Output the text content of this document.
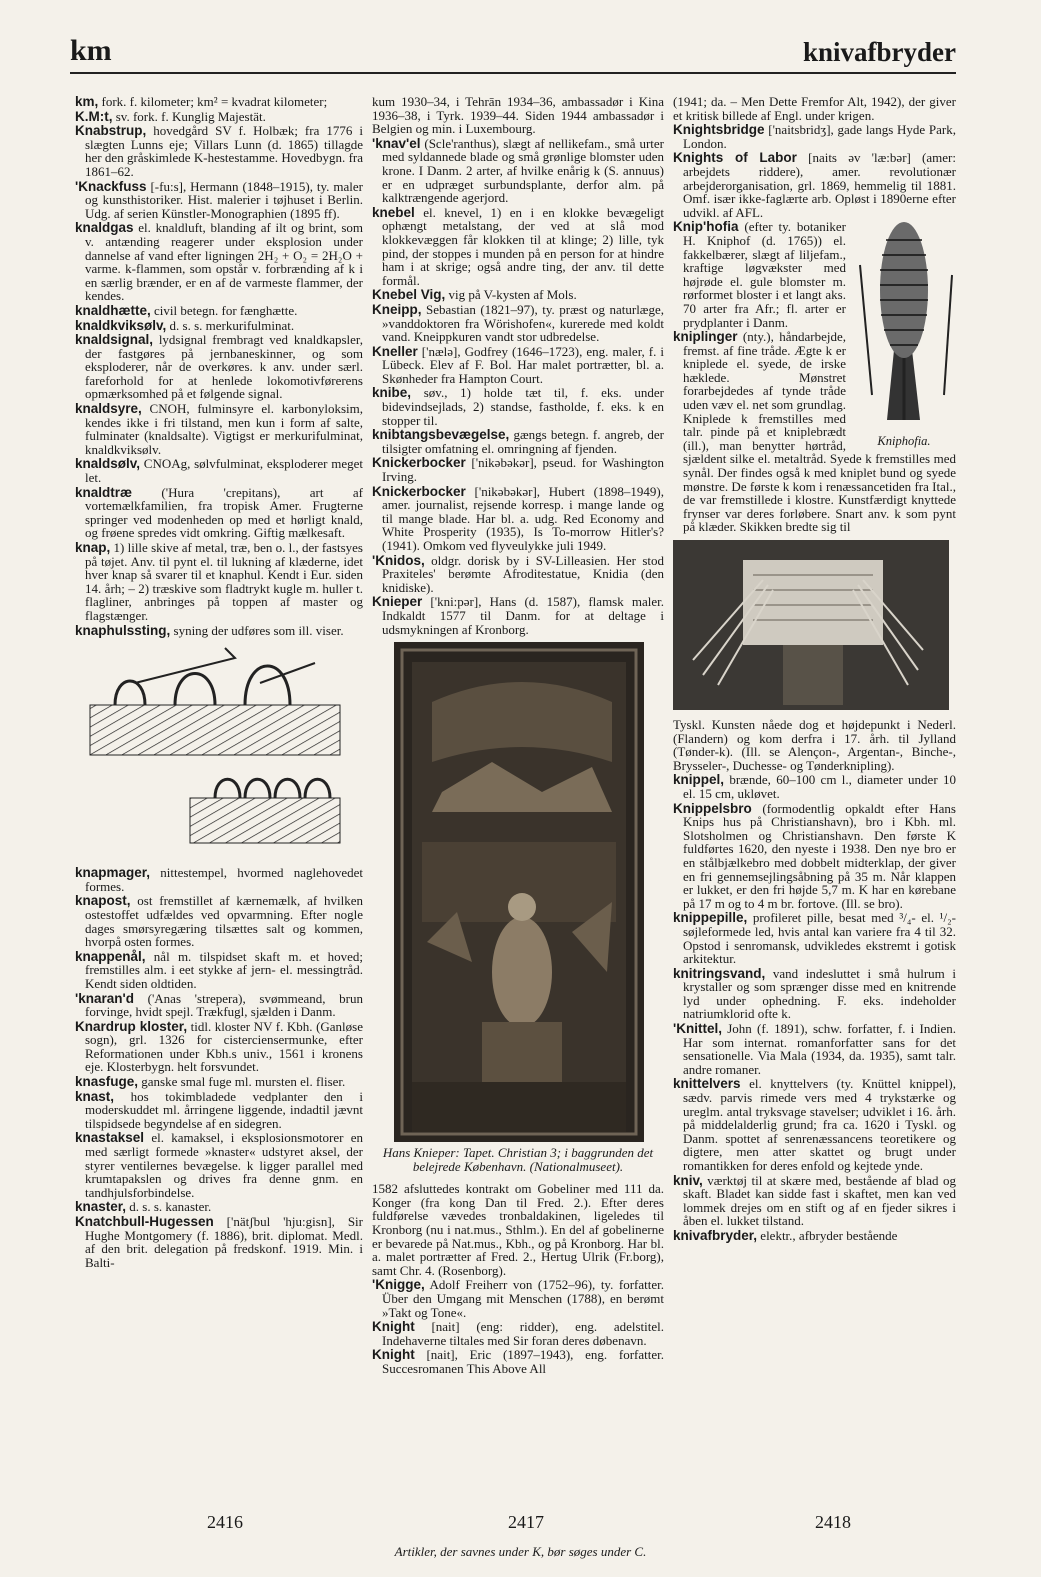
km	knivafbryder

km, fork. f. kilometer; km² = kvadrat kilometer;

K.M:t, sv. fork. f. Kunglig Majestät.

Knabstrup, hovedgård SV f. Holbæk; fra 1776 i slægten Lunns eje; Villars Lunn (d. 1865) tillagde her den gråskimlede K-hestestamme. Hovedbygn. fra 1861–62.

'Knackfuss [-fu:s], Hermann (1848–1915), ty. maler og kunsthistoriker. Hist. malerier i tøjhuset i Berlin. Udg. af serien Künstler-Monographien (1895 ff).

knaldgas el. knaldluft, blanding af ilt og brint, som v. antænding reagerer under eksplosion under dannelse af vand efter ligningen 2H₂ + O₂ = 2H₂O + varme. k-flammen, som opstår v. forbrænding af k i en særlig brænder, er en af de varmeste flammer, der kendes.

knaldhætte, civil betegn. for fænghætte.

knaldkviksølv, d. s. s. merkurifulminat.

knaldsignal, lydsignal frembragt ved knaldkapsler, der fastgøres på jernbaneskinner, og som eksploderer, når de overkøres. k anv. under særl. fareforhold for at henlede lokomotivførerens opmærksomhed på et følgende signal.

knaldsyre, CNOH, fulminsyre el. karbonyloksim, kendes ikke i fri tilstand, men kun i form af salte, fulminater (knaldsalte). Vigtigst er merkurifulminat, knaldkviksølv.

knaldsølv, CNOAg, sølvfulminat, eksploderer meget let.

knaldtræ ('Hura 'crepitans), art af vortemælkfamilien, fra tropisk Amer. Frugterne springer ved modenheden op med et hørligt knald, og frøene spredes vidt omkring. Giftig mælkesaft.

knap, 1) lille skive af metal, træ, ben o. l., der fastsyes på tøjet. Anv. til pynt el. til lukning af klæderne, idet hver knap så svarer til et knaphul. Kendt i Eur. siden 14. årh; – 2) træskive som fladtrykt kugle m. huller t. flagliner, anbringes på toppen af master og flagstænger.

knaphulssting, syning der udføres som ill. viser.

knapmager, nittestempel, hvormed naglehovedet formes.

knapost, ost fremstillet af kærnemælk, af hvilken ostestoffet udfældes ved opvarmning. Efter nogle dages smørsyregæring tilsættes salt og kommen, hvorpå osten formes.

knappenål, nål m. tilspidset skaft m. et hoved; fremstilles alm. i eet stykke af jern- el. messingtråd. Kendt siden oldtiden.

'knaran'd ('Anas 'strepera), svømmeand, brun forvinge, hvidt spejl. Trækfugl, sjælden i Danm.

Knardrup kloster, tidl. kloster NV f. Kbh. (Ganløse sogn), grl. 1326 for cisterciensermunke, efter Reformationen under Kbh.s univ., 1561 i kronens eje. Klosterbygn. helt forsvundet.

knasfuge, ganske smal fuge ml. mursten el. fliser.

knast, hos tokimbladede vedplanter den i moderskuddet ml. årringene liggende, indadtil jævnt tilspidsede begyndelse af en sidegren.

knastaksel el. kamaksel, i eksplosionsmotorer en med særligt formede »knaster« udstyret aksel, der styrer ventilernes bevægelse. k ligger parallel med krumtapakslen og drives fra denne gnm. en tandhjulsforbindelse.

knaster, d. s. s. kanaster.

Knatchbull-Hugessen ['nätʃbul 'hju:gisn], Sir Hughe Montgomery (f. 1886), brit. diplomat. Medl. af den brit. delegation på fredskonf. 1919. Min. i Balti-

kum 1930–34, i Tehrān 1934–36, ambassadør i Kina 1936–38, i Tyrk. 1939–44. Siden 1944 ambassadør i Belgien og min. i Luxembourg.

'knav'el (Scle'ranthus), slægt af nellikefam., små urter med syldannede blade og små grønlige blomster uden krone. I Danm. 2 arter, af hvilke enårig k (S. annuus) er en udpræget surbundsplante, derfor alm. på kalktrængende agerjord.

knebel el. knevel, 1) en i en klokke bevægeligt ophængt metalstang, der ved at slå mod klokkevæggen får klokken til at klinge; 2) lille, tyk pind, der stoppes i munden på en person for at hindre ham i at skrige; også andre ting, der anv. til dette formål.

Knebel Vig, vig på V-kysten af Mols.

Kneipp, Sebastian (1821–97), ty. præst og naturlæge, »vanddoktoren fra Wörishofen«, kurerede med koldt vand. Kneippkuren vandt stor udbredelse.

Kneller ['nælə], Godfrey (1646–1723), eng. maler, f. i Lübeck. Elev af F. Bol. Har malet portrætter, bl. a. Skønheder fra Hampton Court.

knibe, søv., 1) holde tæt til, f. eks. under bidevindsejlads, 2) standse, fastholde, f. eks. k en stopper til.

knibtangsbevægelse, gængs betegn. f. angreb, der tilsigter omfatning el. omringning af fjenden.

Knickerbocker ['nikəbəkər], pseud. for Washington Irving.

Knickerbocker ['nikəbəkər], Hubert (1898–1949), amer. journalist, rejsende korresp. i mange lande og til mange blade. Har bl. a. udg. Red Economy and White Prosperity (1935), Is To-morrow Hitler's? (1941). Omkom ved flyveulykke juli 1949.

'Knidos, oldgr. dorisk by i SV-Lilleasien. Her stod Praxiteles' berømte Afroditestatue, Knidia (den knidiske).

Knieper ['kni:pər], Hans (d. 1587), flamsk maler. Indkaldt 1577 til Danm. for at deltage i udsmykningen af Kronborg.

Hans Knieper: Tapet. Christian 3; i baggrunden det belejrede København. (Nationalmuseet).

1582 afsluttedes kontrakt om Gobeliner med 111 da. Konger (fra kong Dan til Fred. 2.). Efter deres fuldførelse vævedes tronbaldakinen, ligeledes til Kronborg (nu i nat.mus., Sthlm.). En del af gobelinerne er bevarede på Nat.mus., Kbh., og på Kronborg. Har bl. a. malet portrætter af Fred. 2., Hertug Ulrik (Fr.borg), samt Chr. 4. (Rosenborg).

'Knigge, Adolf Freiherr von (1752–96), ty. forfatter. Über den Umgang mit Menschen (1788), en berømt »Takt og Tone«.

Knight [nait] (eng: ridder), eng. adelstitel. Indehaverne tiltales med Sir foran deres døbenavn.

Knight [nait], Eric (1897–1943), eng. forfatter. Succesromanen This Above All

(1941; da. – Men Dette Fremfor Alt, 1942), der giver et kritisk billede af Engl. under krigen.

Knightsbridge ['naitsbridʒ], gade langs Hyde Park, London.

Knights of Labor [naits əv 'læ:bər] (amer: arbejdets riddere), amer. revolutionær arbejderorganisation, grl. 1869, hemmelig til 1881. Omf. især ikke-faglærte arb. Opløst i 1890erne efter udvikl. af AFL.

Kniphofia.

Knip'hofia (efter ty. botaniker H. Kniphof (d. 1765)) el. fakkelbærer, slægt af liljefam., kraftige løgvækster med højrøde el. gule blomster m. rørformet bloster i et langt aks. 70 arter fra Afr.; fl. arter er prydplanter i Danm.

kniplinger (nty.), håndarbejde, fremst. af fine tråde. Ægte k er kniplede el. syede, de irske hæklede. Mønstret forarbejdedes af tynde tråde uden væv el. net som grundlag. Kniplede k fremstilles med talr. pinde på et kniplebrædt (ill.), man benytter hørtråd, sjældent silke el. metaltråd. Syede k fremstilles med synål. Der findes også k med kniplet bund og syede mønstre. De første k kom i renæssancetiden fra Ital., de var fremstillede i klostre. Kunstfærdigt knyttede frynser var deres forløbere. Snart anv. k som pynt på klæder. Skikken bredte sig til

Tyskl. Kunsten nåede dog et højdepunkt i Nederl. (Flandern) og kom derfra i 17. årh. til Jylland (Tønder-k). (Ill. se Alençon-, Argentan-, Binche-, Brysseler-, Duchesse- og Tønderknipling).

knippel, brænde, 60–100 cm l., diameter under 10 el. 15 cm, ukløvet.

Knippelsbro (formodentlig opkaldt efter Hans Knips hus på Christianshavn), bro i Kbh. ml. Slotsholmen og Christianshavn. Den første K fuldførtes 1620, den nyeste i 1938. Den nye bro er en stålbjælkebro med dobbelt midterklap, der giver en fri gennemsejlingsåbning på 35 m. Når klappen er lukket, er den fri højde 5,7 m. K har en kørebane på 17 m og to 4 m br. fortove. (Ill. se bro).

knippepille, profileret pille, besat med ³/₄- el. ¹/₂-søjleformede led, hvis antal kan variere fra 4 til 32. Opstod i senromansk, udvikledes ekstremt i gotisk arkitektur.

knitringsvand, vand indesluttet i små hulrum i krystaller og som sprænger disse med en knitrende lyd under ophedning. F. eks. indeholder natriumklorid ofte k.

'Knittel, John (f. 1891), schw. forfatter, f. i Indien. Har som internat. romanforfatter sans for det sensationelle. Via Mala (1934, da. 1935), samt talr. andre romaner.

knittelvers el. knyttelvers (ty. Knüttel knippel), sædv. parvis rimede vers med 4 trykstærke og ureglm. antal tryksvage stavelser; udviklet i 16. årh. på middelalderlig grund; fra ca. 1620 i Tyskl. og Danm. spottet af senrenæssancens teoretikere og digtere, men atter skattet og brugt under romantikken for deres enfold og kejtede ynde.

kniv, værktøj til at skære med, bestående af blad og skaft. Bladet kan sidde fast i skaftet, men kan ved lommek drejes om en stift og af en fjeder sikres i åben el. lukket tilstand.

knivafbryder, elektr., afbryder bestående

2416	2417	2418
Artikler, der savnes under K, bør søges under C.
